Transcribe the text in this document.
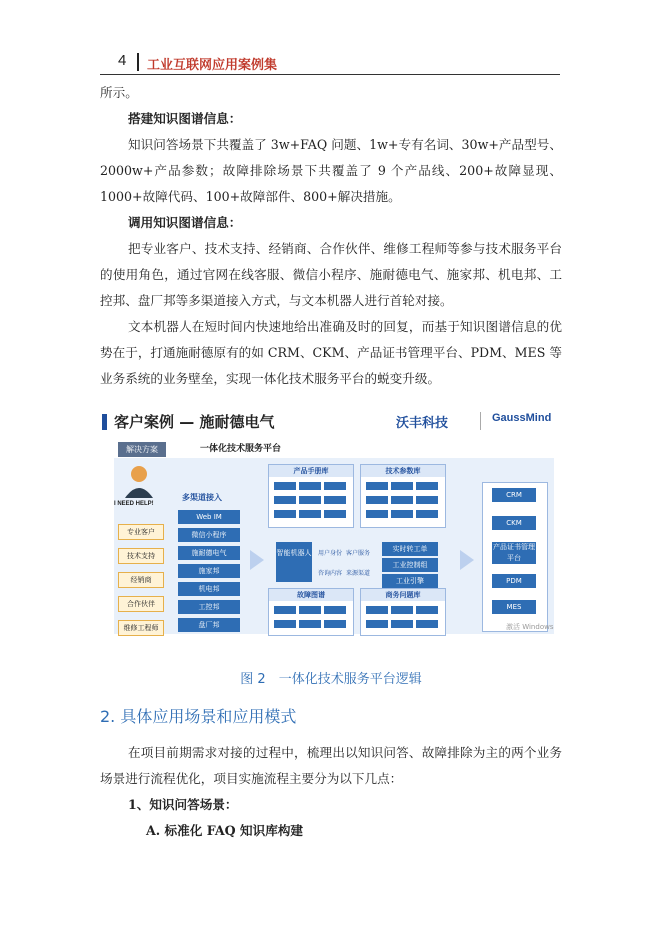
4 工业互联网应用案例集

所示。

搭建知识图谱信息：

知识问答场景下共覆盖了 3w+FAQ 问题、1w+专有名词、30w+产品型号、2000w+产品参数；故障排除场景下共覆盖了 9 个产品线、200+故障显现、1000+故障代码、100+故障部件、800+解决措施。

调用知识图谱信息：

把专业客户、技术支持、经销商、合作伙伴、维修工程师等参与技术服务平台的使用角色，通过官网在线客服、微信小程序、施耐德电气、施家邦、机电邦、工控邦、盘厂邦等多渠道接入方式，与文本机器人进行首轮对接。

文本机器人在短时间内快速地给出准确及时的回复，而基于知识图谱信息的优势在于，打通施耐德原有的如 CRM、CKM、产品证书管理平台、PDM、MES 等业务系统的业务壁垒，实现一体化技术服务平台的蜕变升级。

客户案例 — 施耐德电气	沃丰科技	GaussMind
解决方案	一体化技术服务平台
I NEED HELP!
专业客户
技术支持
经销商
合作伙伴
维修工程师
多渠道接入
Web IM
微信小程序
施耐德电气
施家邦
机电邦
工控邦
盘厂邦
产品手册库	技术参数库
故障图谱	商务问题库
智能机器人 用户身份 客户服务
咨询内容 来源渠道
实时转工单
工业控制组
工业引擎
CRM
CKM
产品证书管理平台
PDM
MES
激活 Windows
图 2　一体化技术服务平台逻辑
2. 具体应用场景和应用模式

在项目前期需求对接的过程中，梳理出以知识问答、故障排除为主的两个业务场景进行流程优化，项目实施流程主要分为以下几点：

1、知识问答场景：

A. 标准化 FAQ 知识库构建
